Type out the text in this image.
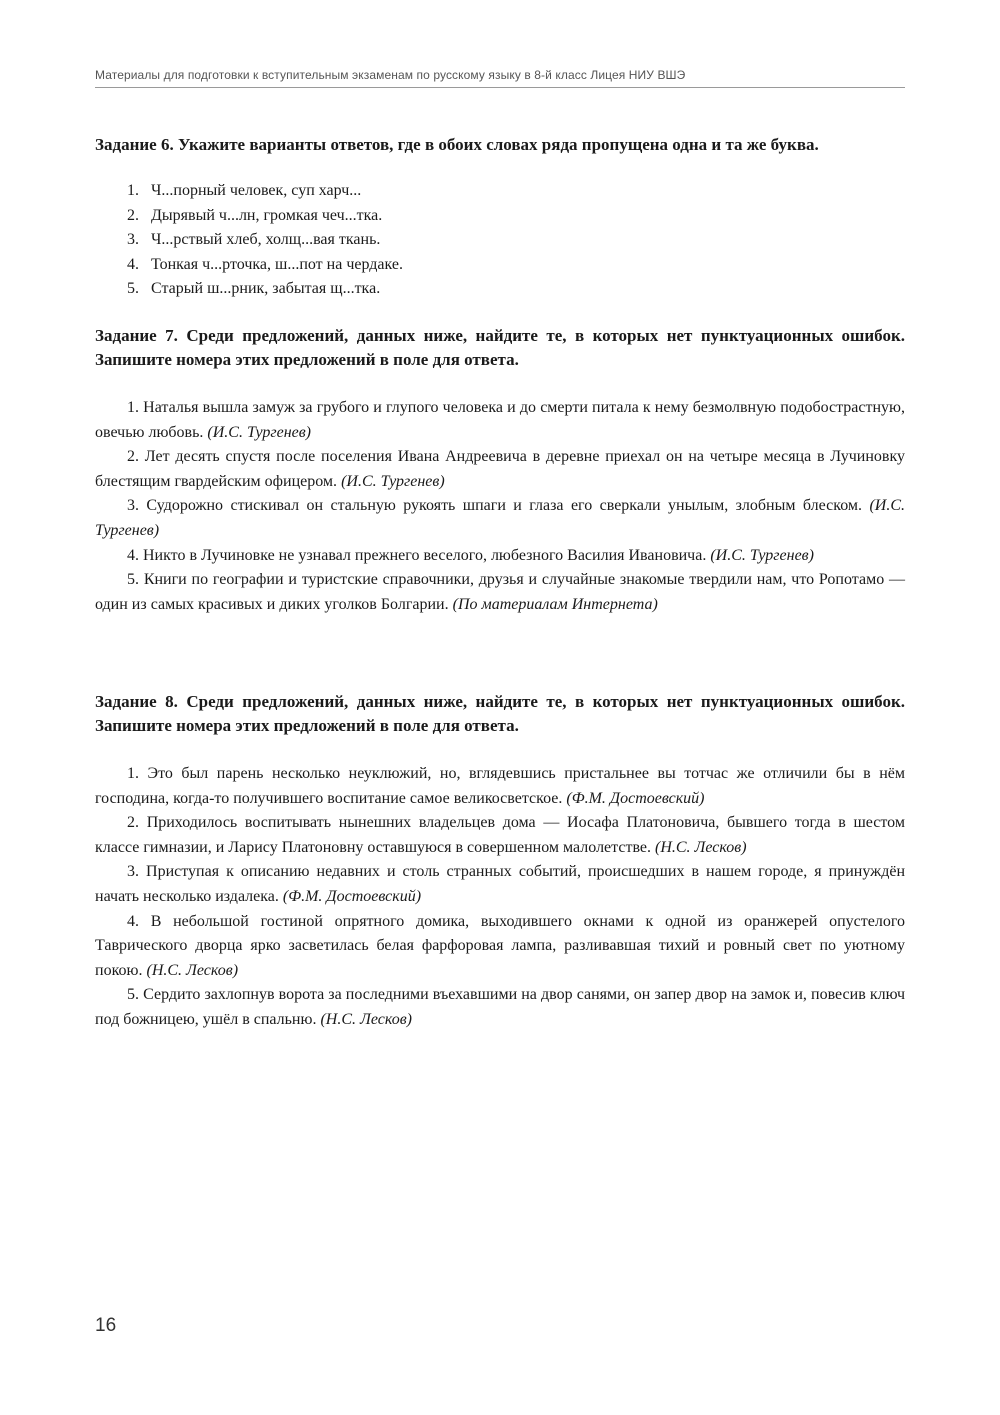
Материалы для подготовки к вступительным экзаменам по русскому языку в 8-й класс Лицея НИУ ВШЭ

Задание 6. Укажите варианты ответов, где в обоих словах ряда пропущена одна и та же буква.

1. Ч...порный человек, суп харч...
2. Дырявый ч...лн, громкая чеч...тка.
3. Ч...рствый хлеб, холщ...вая ткань.
4. Тонкая ч...рточка, ш...пот на чердаке.
5. Старый ш...рник, забытая щ...тка.

Задание 7. Среди предложений, данных ниже, найдите те, в которых нет пунктуационных ошибок. Запишите номера этих предложений в поле для ответа.

1. Наталья вышла замуж за грубого и глупого человека и до смерти питала к нему безмолвную подобострастную, овечью любовь. (И.С. Тургенев)

2. Лет десять спустя после поселения Ивана Андреевича в деревне приехал он на четыре месяца в Лучиновку блестящим гвардейским офицером. (И.С. Тургенев)

3. Судорожно стискивал он стальную рукоять шпаги и глаза его сверкали унылым, злобным блеском. (И.С. Тургенев)

4. Никто в Лучиновке не узнавал прежнего веселого, любезного Василия Ивановича. (И.С. Тургенев)

5. Книги по географии и туристские справочники, друзья и случайные знакомые твердили нам, что Ропотамо — один из самых красивых и диких уголков Болгарии. (По материалам Интернета)

Задание 8. Среди предложений, данных ниже, найдите те, в которых нет пунктуационных ошибок. Запишите номера этих предложений в поле для ответа.

1. Это был парень несколько неуклюжий, но, вглядевшись пристальнее вы тотчас же отличили бы в нём господина, когда-то получившего воспитание самое великосветское. (Ф.М. Достоевский)

2. Приходилось воспитывать нынешних владельцев дома — Иосафа Платоновича, бывшего тогда в шестом классе гимназии, и Ларису Платоновну оставшуюся в совершенном малолетстве. (Н.С. Лесков)

3. Приступая к описанию недавних и столь странных событий, происшедших в нашем городе, я принуждён начать несколько издалека. (Ф.М. Достоевский)

4. В небольшой гостиной опрятного домика, выходившего окнами к одной из оранжерей опустелого Таврического дворца ярко засветилась белая фарфоровая лампа, разливавшая тихий и ровный свет по уютному покою. (Н.С. Лесков)

5. Сердито захлопнув ворота за последними въехавшими на двор санями, он запер двор на замок и, повесив ключ под божницею, ушёл в спальню. (Н.С. Лесков)

16
